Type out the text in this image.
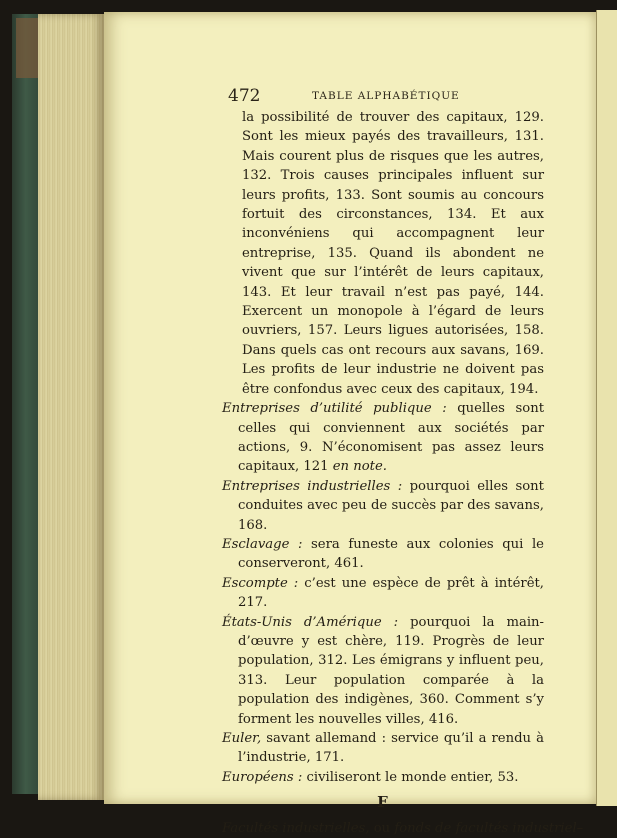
472	TABLE ALPHABÉTIQUE

la possibilité de trouver des capitaux, 129. Sont les mieux payés des travailleurs, 131. Mais courent plus de risques que les autres, 132. Trois causes principales influent sur leurs profits, 133. Sont soumis au concours fortuit des circonstances, 134. Et aux inconvéniens qui accompagnent leur entreprise, 135. Quand ils abondent ne vivent que sur l’intérêt de leurs capitaux, 143. Et leur travail n’est pas payé, 144. Exercent un monopole à l’égard de leurs ouvriers, 157. Leurs ligues autorisées, 158. Dans quels cas ont recours aux savans, 169. Les profits de leur industrie ne doivent pas être confondus avec ceux des capitaux, 194.

Entreprises d’utilité publique : quelles sont celles qui conviennent aux sociétés par actions, 9. N’économisent pas assez leurs capitaux, 121 en note.

Entreprises industrielles : pourquoi elles sont conduites avec peu de succès par des savans, 168.

Esclavage : sera funeste aux colonies qui le conserveront, 461.

Escompte : c’est une espèce de prêt à intérêt, 217.

États-Unis d’Amérique : pourquoi la main-d’œuvre y est chère, 119. Progrès de leur population, 312. Les émigrans y influent peu, 313. Leur population comparée à la population des indigènes, 360. Comment s’y forment les nouvelles villes, 416.

Euler, savant allemand : service qu’il a rendu à l’industrie, 171.

Européens : civiliseront le monde entier, 53.

F

Facultés industrielles, ou fonds de facultés industriel–
